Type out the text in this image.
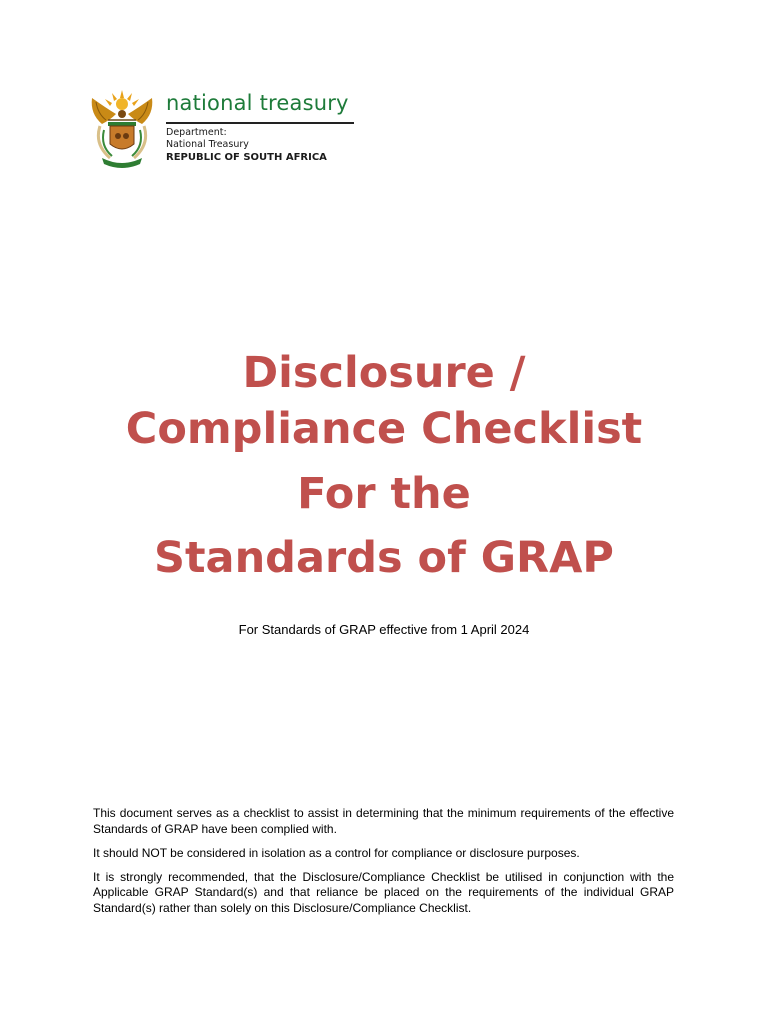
national treasury
Department:
National Treasury
REPUBLIC OF SOUTH AFRICA
Disclosure /
Compliance Checklist
For the
Standards of GRAP
For Standards of GRAP effective from 1 April 2024

This document serves as a checklist to assist in determining that the minimum requirements of the effective Standards of GRAP have been complied with.

It should NOT be considered in isolation as a control for compliance or disclosure purposes.

It is strongly recommended, that the Disclosure/Compliance Checklist be utilised in conjunction with the Applicable GRAP Standard(s) and that reliance be placed on the requirements of the individual GRAP Standard(s) rather than solely on this Disclosure/Compliance Checklist.
